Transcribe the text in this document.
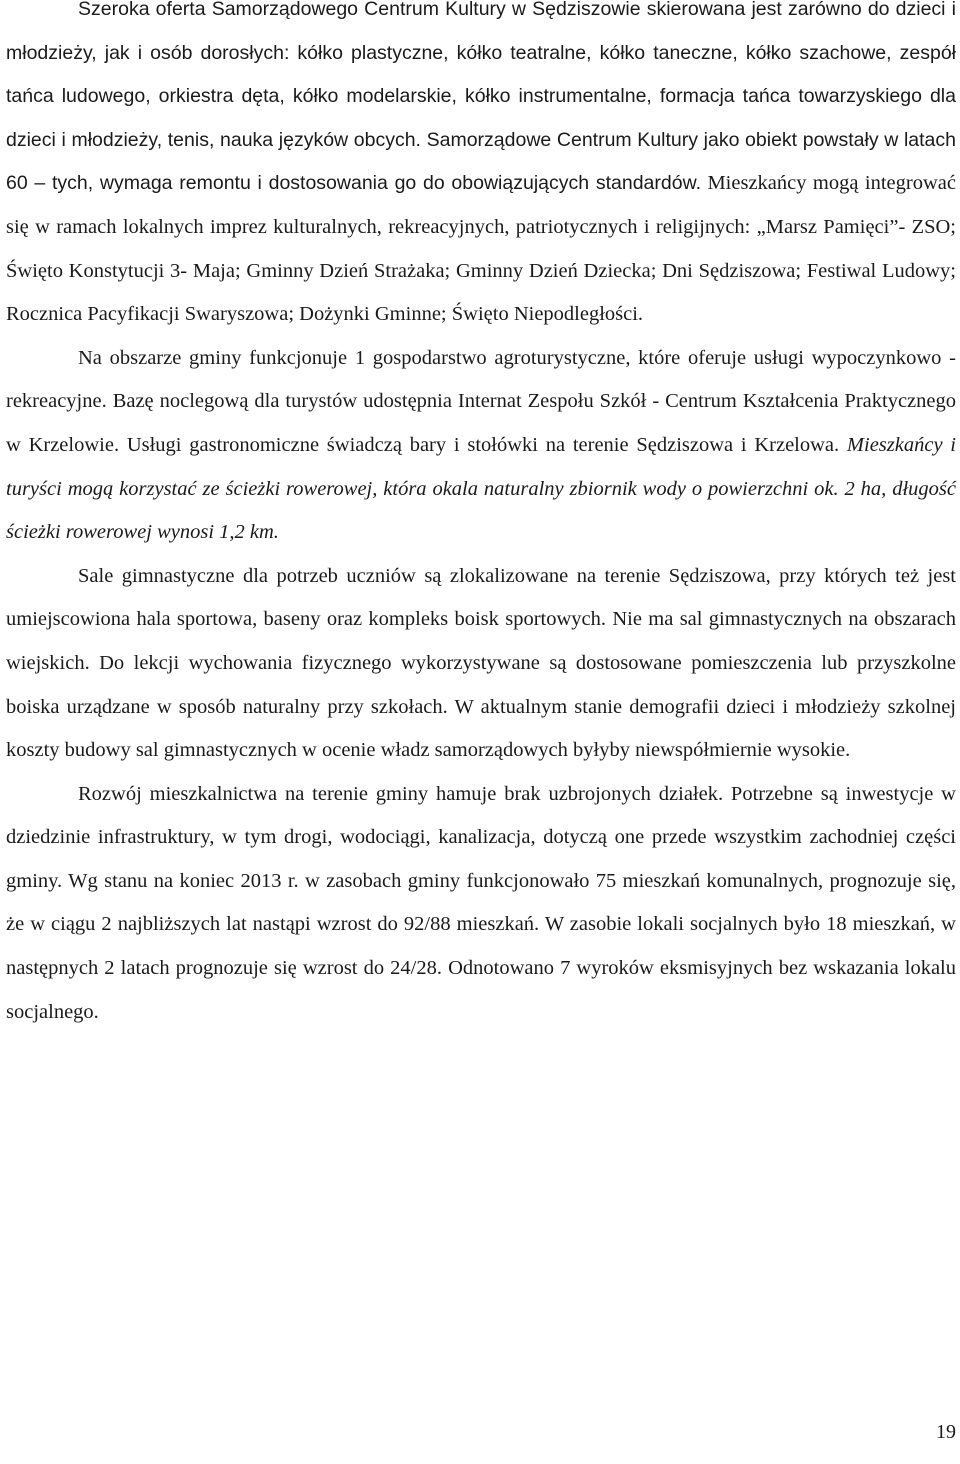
Szeroka oferta Samorządowego Centrum Kultury w Sędziszowie skierowana jest zarówno do dzieci i młodzieży, jak i osób dorosłych: kółko plastyczne, kółko teatralne, kółko taneczne, kółko szachowe, zespół tańca ludowego, orkiestra dęta, kółko modelarskie, kółko instrumentalne, formacja tańca towarzyskiego dla dzieci i młodzieży, tenis, nauka języków obcych. Samorządowe Centrum Kultury jako obiekt powstały w latach 60 – tych, wymaga remontu i dostosowania go do obowiązujących standardów. Mieszkańcy mogą integrować się w ramach lokalnych imprez kulturalnych, rekreacyjnych, patriotycznych i religijnych: „Marsz Pamięci”- ZSO; Święto Konstytucji 3- Maja; Gminny Dzień Strażaka; Gminny Dzień Dziecka; Dni Sędziszowa; Festiwal Ludowy; Rocznica Pacyfikacji Swaryszowa; Dożynki Gminne; Święto Niepodległości.

Na obszarze gminy funkcjonuje 1 gospodarstwo agroturystyczne, które oferuje usługi wypoczynkowo - rekreacyjne. Bazę noclegową dla turystów udostępnia Internat Zespołu Szkół - Centrum Kształcenia Praktycznego w Krzelowie. Usługi gastronomiczne świadczą bary i stołówki na terenie Sędziszowa i Krzelowa. Mieszkańcy i turyści mogą korzystać ze ścieżki rowerowej, która okala naturalny zbiornik wody o powierzchni ok. 2 ha, długość ścieżki rowerowej wynosi 1,2 km.

Sale gimnastyczne dla potrzeb uczniów są zlokalizowane na terenie Sędziszowa, przy których też jest umiejscowiona hala sportowa, baseny oraz kompleks boisk sportowych. Nie ma sal gimnastycznych na obszarach wiejskich. Do lekcji wychowania fizycznego wykorzystywane są dostosowane pomieszczenia lub przyszkolne boiska urządzane w sposób naturalny przy szkołach. W aktualnym stanie demografii dzieci i młodzieży szkolnej koszty budowy sal gimnastycznych w ocenie władz samorządowych byłyby niewspółmiernie wysokie.

Rozwój mieszkalnictwa na terenie gminy hamuje brak uzbrojonych działek. Potrzebne są inwestycje w dziedzinie infrastruktury, w tym drogi, wodociągi, kanalizacja, dotyczą one przede wszystkim zachodniej części gminy. Wg stanu na koniec 2013 r. w zasobach gminy funkcjonowało 75 mieszkań komunalnych, prognozuje się, że w ciągu 2 najbliższych lat nastąpi wzrost do 92/88 mieszkań. W zasobie lokali socjalnych było 18 mieszkań, w następnych 2 latach prognozuje się wzrost do 24/28. Odnotowano 7 wyroków eksmisyjnych bez wskazania lokalu socjalnego.

19
